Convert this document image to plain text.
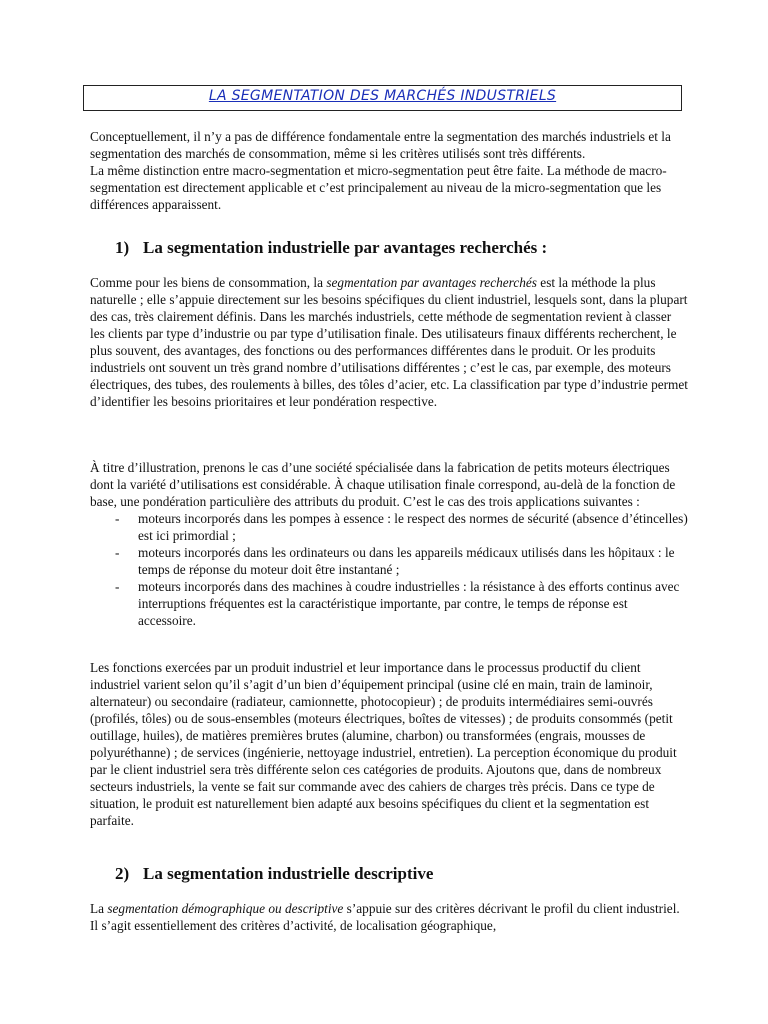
LA SEGMENTATION DES MARCHÉS INDUSTRIELS

Conceptuellement, il n’y a pas de différence fondamentale entre la segmentation des marchés industriels et la segmentation des marchés de consommation, même si les critères utilisés sont très différents.

La même distinction entre macro-segmentation et micro-segmentation peut être faite. La méthode de macro-segmentation est directement applicable et c’est principalement au niveau de la micro-segmentation que les différences apparaissent.

1) La segmentation industrielle par avantages recherchés :

Comme pour les biens de consommation, la segmentation par avantages recherchés est la méthode la plus naturelle ; elle s’appuie directement sur les besoins spécifiques du client industriel, lesquels sont, dans la plupart des cas, très clairement définis. Dans les marchés industriels, cette méthode de segmentation revient à classer les clients par type d’industrie ou par type d’utilisation finale. Des utilisateurs finaux différents recherchent, le plus souvent, des avantages, des fonctions ou des performances différentes dans le produit. Or les produits industriels ont souvent un très grand nombre d’utilisations différentes ; c’est le cas, par exemple, des moteurs électriques, des tubes, des roulements à billes, des tôles d’acier, etc. La classification par type d’industrie permet d’identifier les besoins prioritaires et leur pondération respective.

À titre d’illustration, prenons le cas d’une société spécialisée dans la fabrication de petits moteurs électriques dont la variété d’utilisations est considérable. À chaque utilisation finale correspond, au-delà de la fonction de base, une pondération particulière des attributs du produit. C’est le cas des trois applications suivantes :

- moteurs incorporés dans les pompes à essence : le respect des normes de sécurité (absence d’étincelles) est ici primordial ;
- moteurs incorporés dans les ordinateurs ou dans les appareils médicaux utilisés dans les hôpitaux : le temps de réponse du moteur doit être instantané ;
- moteurs incorporés dans des machines à coudre industrielles : la résistance à des efforts continus avec interruptions fréquentes est la caractéristique importante, par contre, le temps de réponse est accessoire.

Les fonctions exercées par un produit industriel et leur importance dans le processus productif du client industriel varient selon qu’il s’agit d’un bien d’équipement principal (usine clé en main, train de laminoir, alternateur) ou secondaire (radiateur, camionnette, photocopieur) ; de produits intermédiaires semi-ouvrés (profilés, tôles) ou de sous-ensembles (moteurs électriques, boîtes de vitesses) ; de produits consommés (petit outillage, huiles), de matières premières brutes (alumine, charbon) ou transformées (engrais, mousses de polyuréthanne) ; de services (ingénierie, nettoyage industriel, entretien). La perception économique du produit par le client industriel sera très différente selon ces catégories de produits. Ajoutons que, dans de nombreux secteurs industriels, la vente se fait sur commande avec des cahiers de charges très précis. Dans ce type de situation, le produit est naturellement bien adapté aux besoins spécifiques du client et la segmentation est parfaite.

2) La segmentation industrielle descriptive

La segmentation démographique ou descriptive s’appuie sur des critères décrivant le profil du client industriel. Il s’agit essentiellement des critères d’activité, de localisation géographique,
